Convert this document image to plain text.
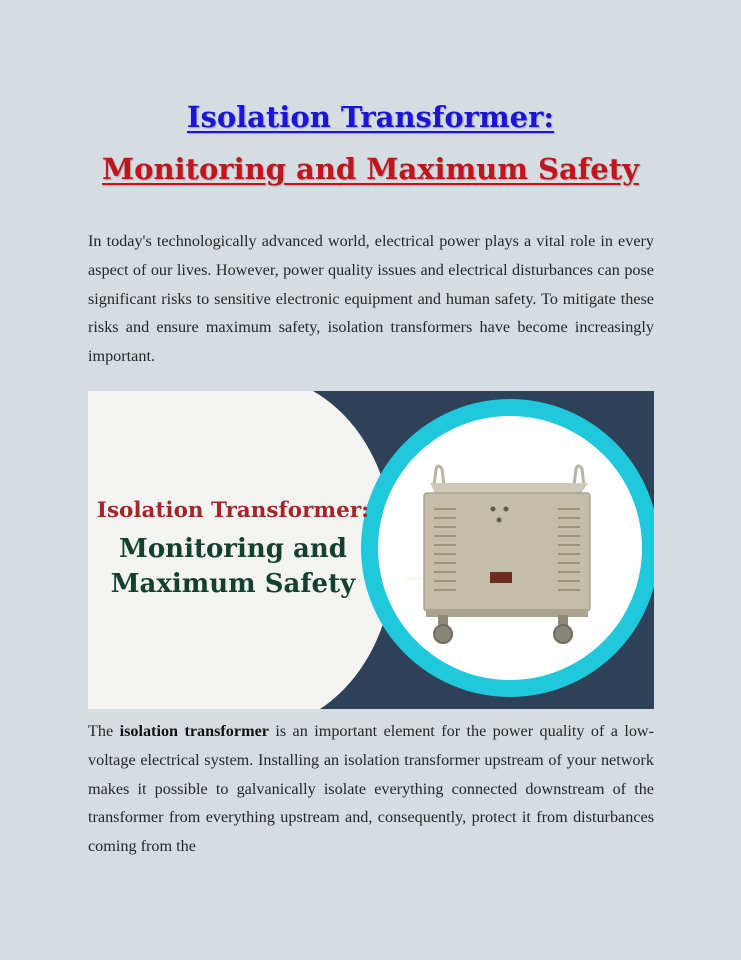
Isolation Transformer:
Monitoring and Maximum Safety

In today's technologically advanced world, electrical power plays a vital role in every aspect of our lives. However, power quality issues and electrical disturbances can pose significant risks to sensitive electronic equipment and human safety. To mitigate these risks and ensure maximum safety, isolation transformers have become increasingly important.

Isolation Transformer:
Monitoring and
Maximum Safety	Servokon

The isolation transformer is an important element for the power quality of a low-voltage electrical system. Installing an isolation transformer upstream of your network makes it possible to galvanically isolate everything connected downstream of the transformer from everything upstream and, consequently, protect it from disturbances coming from the
